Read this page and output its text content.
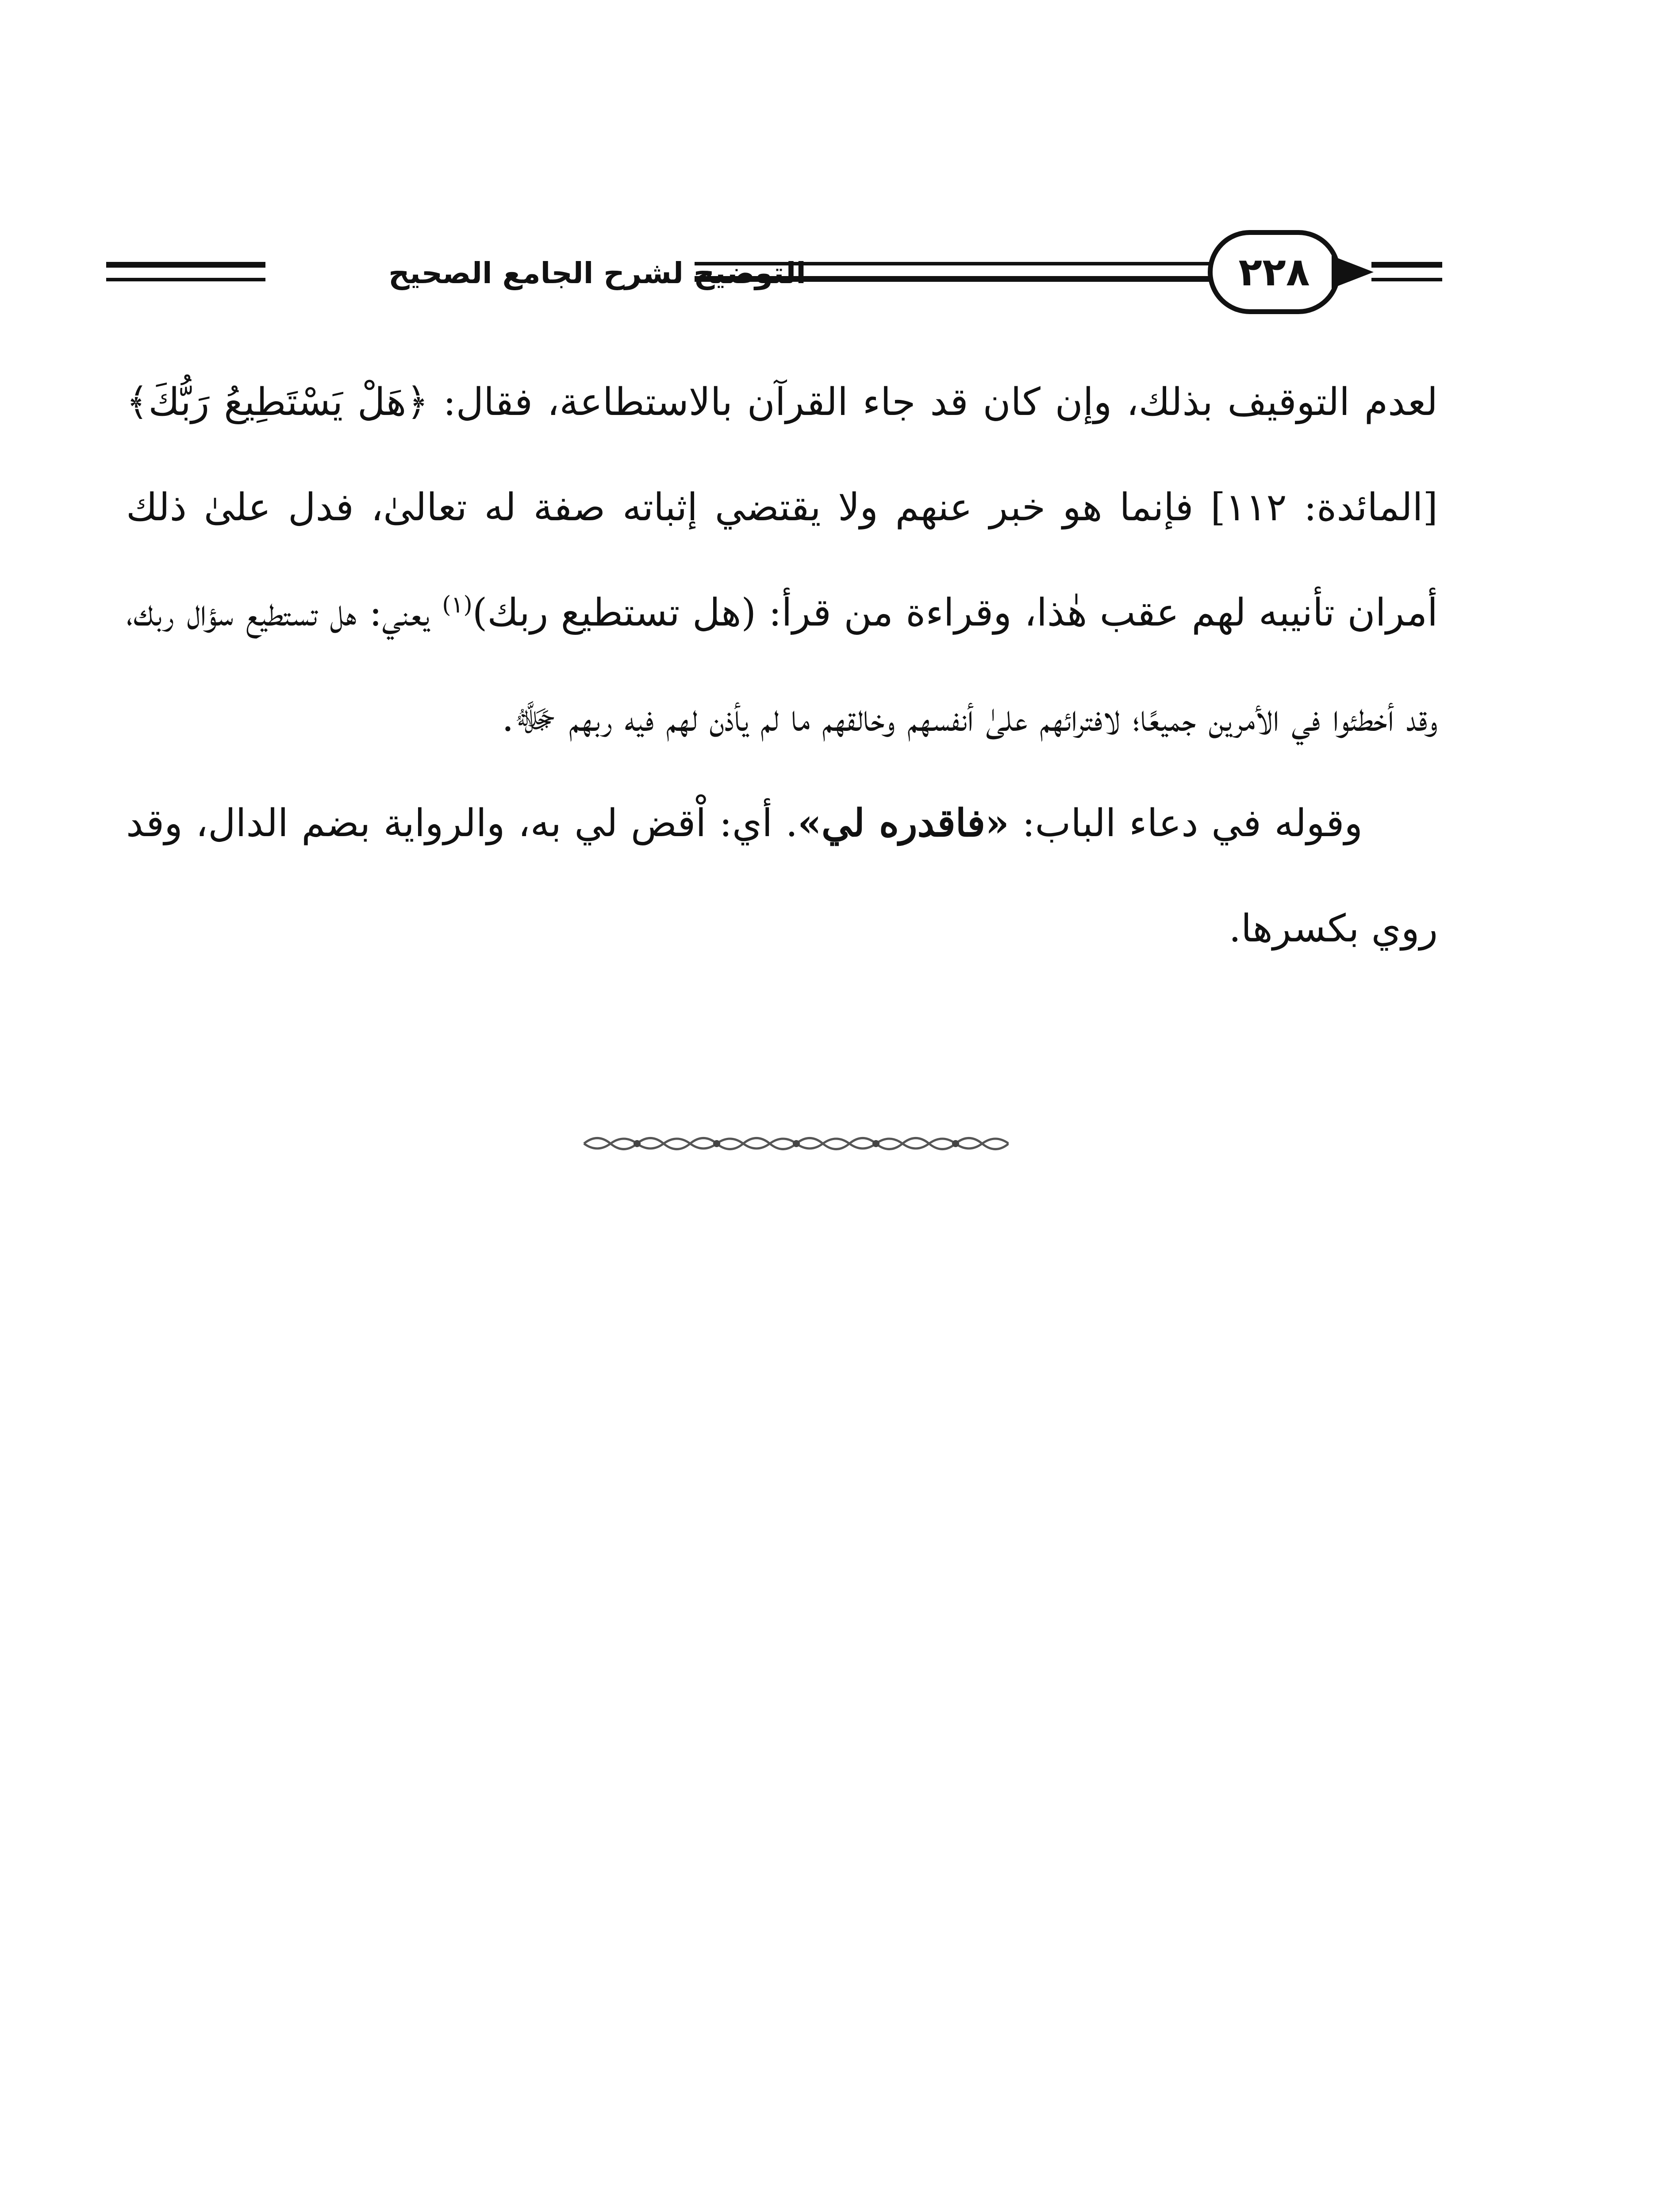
التوضيح لشرح الجامع الصحيح	٢٢٨

لعدم التوقيف بذلك، وإن كان قد جاء القرآن بالاستطاعة، فقال: ﴿هَلْ يَسْتَطِيعُ رَبُّكَ﴾ [المائدة: ١١٢] فإنما هو خبر عنهم ولا يقتضي إثباته صفة له تعالىٰ، فدل علىٰ ذلك أمران تأنيبه لهم عقب هٰذا، وقراءة من قرأ: (هل تستطيع ربك)$^{(١)}$ يعني: هل تستطيع سؤال ربك، وقد أخطئوا في الأمرين جميعًا؛ لافترائهم علىٰ أنفسهم وخالقهم ما لم يأذن لهم فيه ربهم ﷻ.

وقوله في دعاء الباب: «فاقدره لي». أي: اْقض لي به، والرواية بضم الدال، وقد روي بكسرها.
